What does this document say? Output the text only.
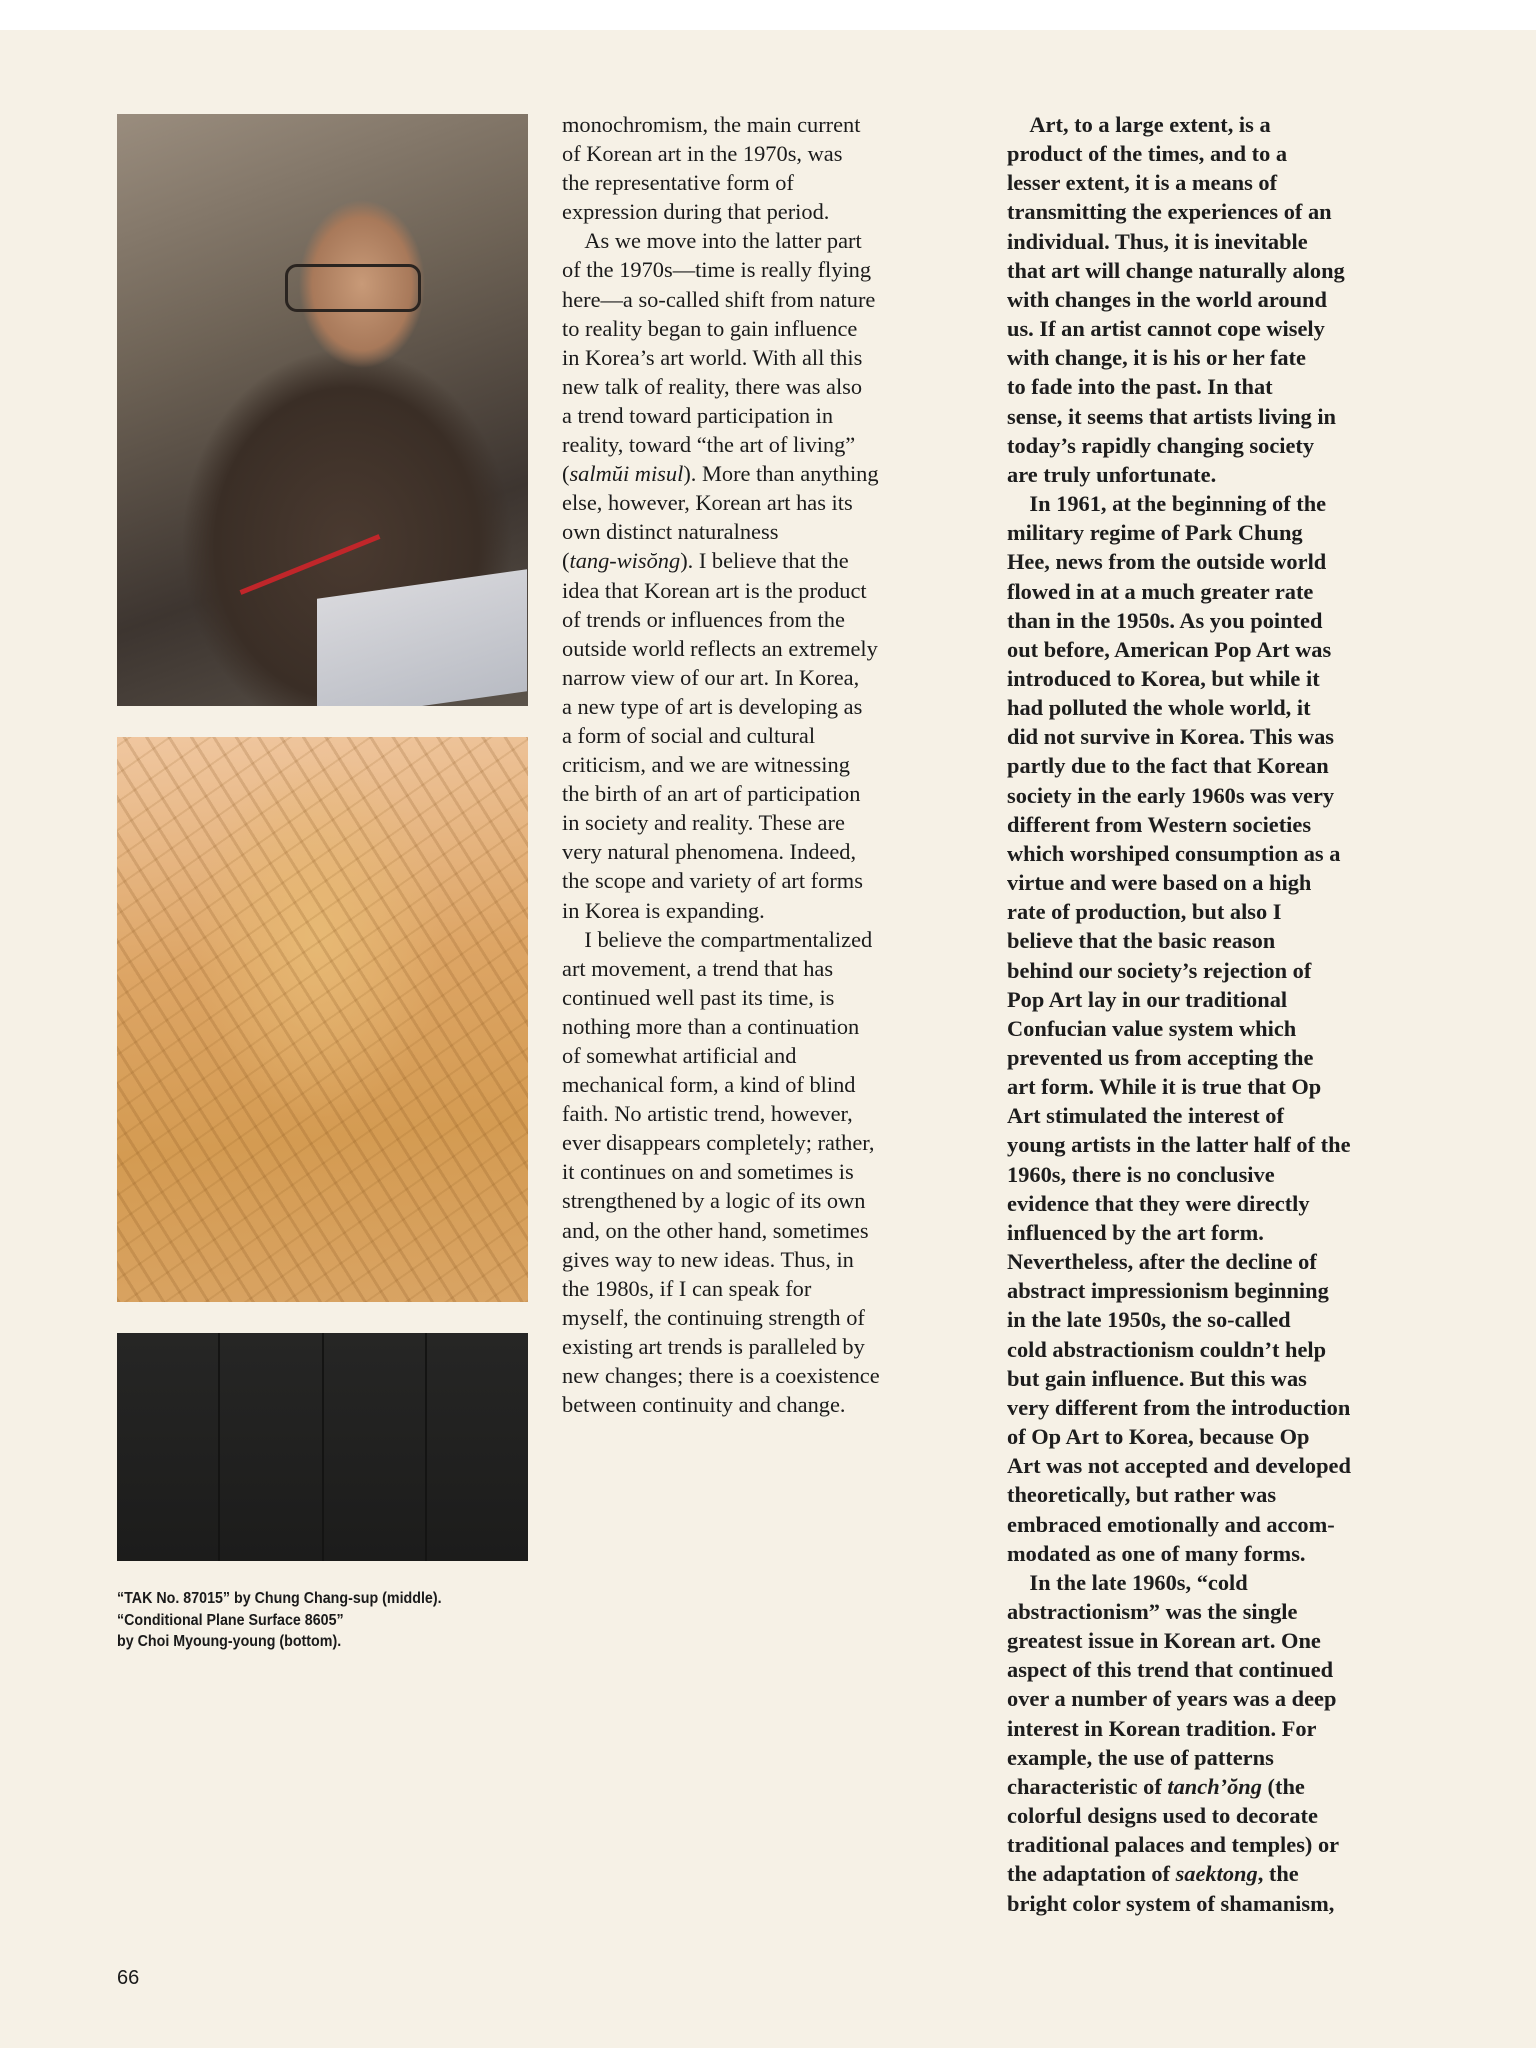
“TAK No. 87015” by Chung Chang-sup (middle).
“Conditional Plane Surface 8605”
by Choi Myoung-young (bottom).
monochromism, the main current
of Korean art in the 1970s, was
the representative form of
expression during that period.
 As we move into the latter part
of the 1970s—time is really flying
here—a so-called shift from nature
to reality began to gain influence
in Korea’s art world. With all this
new talk of reality, there was also
a trend toward participation in
reality, toward “the art of living”
(salmŭi misul). More than anything
else, however, Korean art has its
own distinct naturalness
(tang-wisŏng). I believe that the
idea that Korean art is the product
of trends or influences from the
outside world reflects an extremely
narrow view of our art. In Korea,
a new type of art is developing as
a form of social and cultural
criticism, and we are witnessing
the birth of an art of participation
in society and reality. These are
very natural phenomena. Indeed,
the scope and variety of art forms
in Korea is expanding.
 I believe the compartmentalized
art movement, a trend that has
continued well past its time, is
nothing more than a continuation
of somewhat artificial and
mechanical form, a kind of blind
faith. No artistic trend, however,
ever disappears completely; rather,
it continues on and sometimes is
strengthened by a logic of its own
and, on the other hand, sometimes
gives way to new ideas. Thus, in
the 1980s, if I can speak for
myself, the continuing strength of
existing art trends is paralleled by
new changes; there is a coexistence
between continuity and change.
 Art, to a large extent, is a
product of the times, and to a
lesser extent, it is a means of
transmitting the experiences of an
individual. Thus, it is inevitable
that art will change naturally along
with changes in the world around
us. If an artist cannot cope wisely
with change, it is his or her fate
to fade into the past. In that
sense, it seems that artists living in
today’s rapidly changing society
are truly unfortunate.
 In 1961, at the beginning of the
military regime of Park Chung
Hee, news from the outside world
flowed in at a much greater rate
than in the 1950s. As you pointed
out before, American Pop Art was
introduced to Korea, but while it
had polluted the whole world, it
did not survive in Korea. This was
partly due to the fact that Korean
society in the early 1960s was very
different from Western societies
which worshiped consumption as a
virtue and were based on a high
rate of production, but also I
believe that the basic reason
behind our society’s rejection of
Pop Art lay in our traditional
Confucian value system which
prevented us from accepting the
art form. While it is true that Op
Art stimulated the interest of
young artists in the latter half of the
1960s, there is no conclusive
evidence that they were directly
influenced by the art form.
Nevertheless, after the decline of
abstract impressionism beginning
in the late 1950s, the so-called
cold abstractionism couldn’t help
but gain influence. But this was
very different from the introduction
of Op Art to Korea, because Op
Art was not accepted and developed
theoretically, but rather was
embraced emotionally and accom-
modated as one of many forms.
 In the late 1960s, “cold
abstractionism” was the single
greatest issue in Korean art. One
aspect of this trend that continued
over a number of years was a deep
interest in Korean tradition. For
example, the use of patterns
characteristic of tanch’ŏng (the
colorful designs used to decorate
traditional palaces and temples) or
the adaptation of saektong, the
bright color system of shamanism,
66
